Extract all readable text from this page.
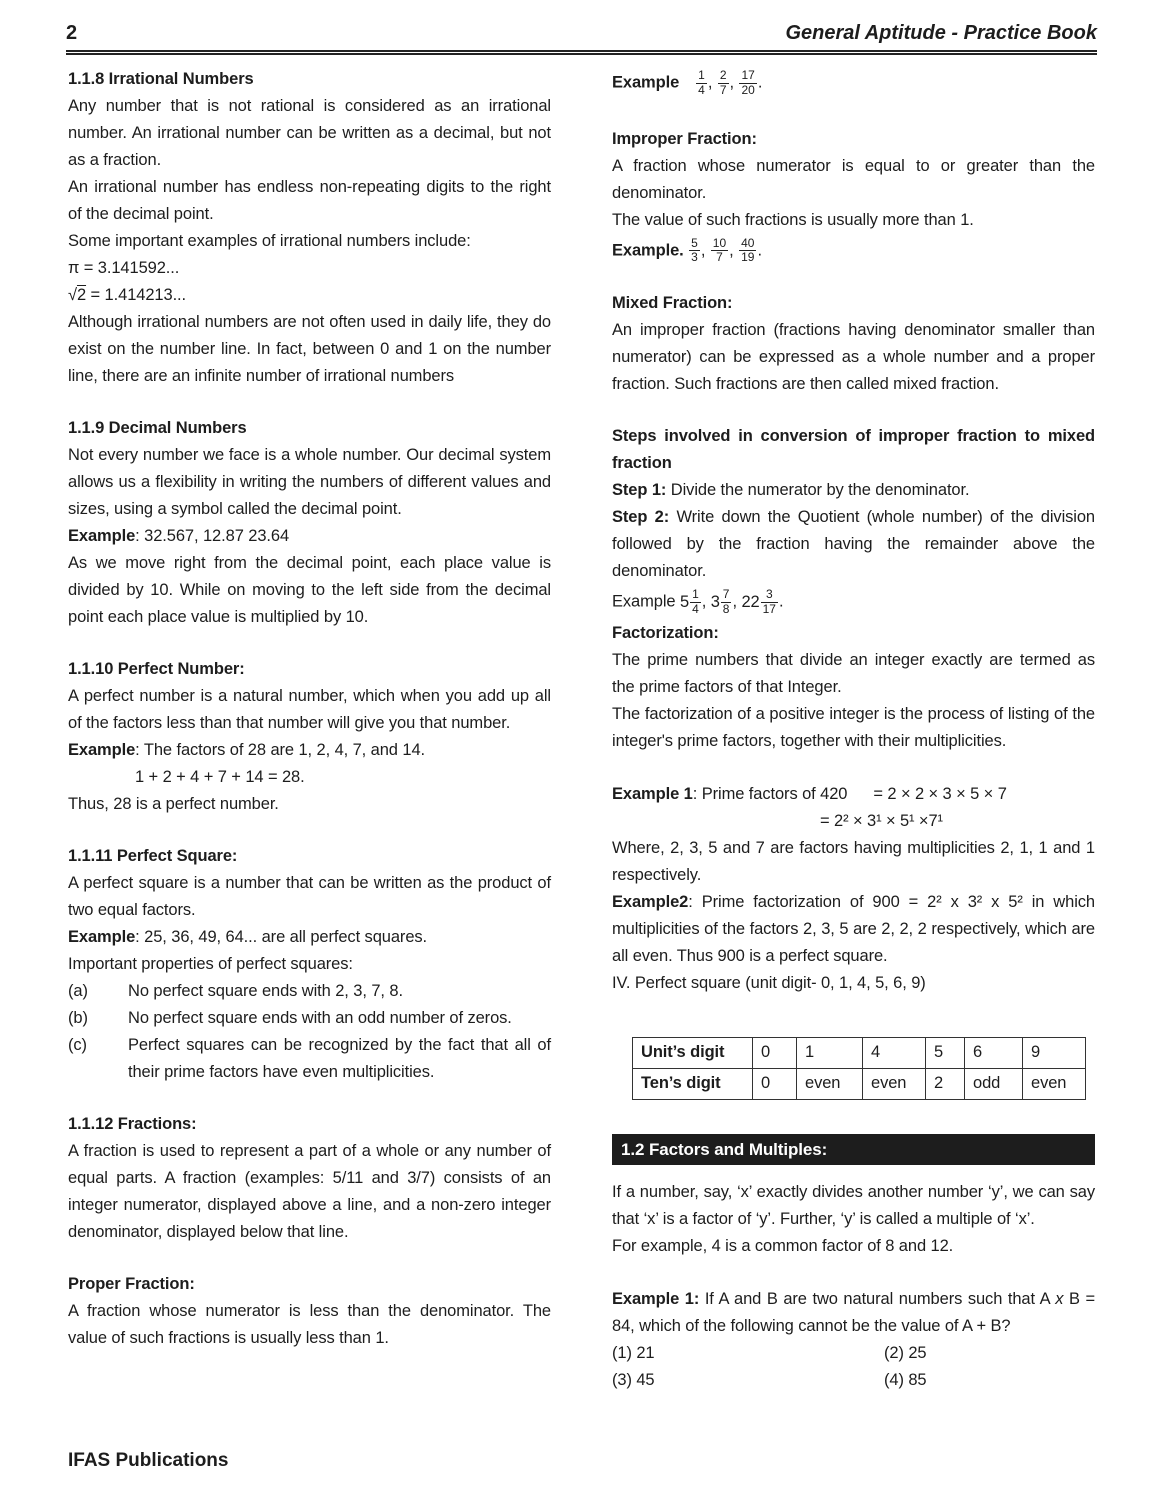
2	General Aptitude - Practice Book
1.1.8 Irrational Numbers

Any number that is not rational is considered as an irrational number. An irrational number can be written as a decimal, but not as a fraction.

An irrational number has endless non-repeating digits to the right of the decimal point.

Some important examples of irrational numbers include:

π = 3.141592...

√2 = 1.414213...

Although irrational numbers are not often used in daily life, they do exist on the number line. In fact, between 0 and 1 on the number line, there are an infinite number of irrational numbers

1.1.9 Decimal Numbers

Not every number we face is a whole number. Our decimal system allows us a flexibility in writing the numbers of different values and sizes, using a symbol called the decimal point.

Example: 32.567, 12.87 23.64

As we move right from the decimal point, each place value is divided by 10. While on moving to the left side from the decimal point each place value is multiplied by 10.

1.1.10 Perfect Number:

A perfect number is a natural number, which when you add up all of the factors less than that number will give you that number.

Example: The factors of 28 are 1, 2, 4, 7, and 14.

1 + 2 + 4 + 7 + 14 = 28.

Thus, 28 is a perfect number.

1.1.11 Perfect Square:

A perfect square is a number that can be written as the product of two equal factors.

Example: 25, 36, 49, 64... are all perfect squares.

Important properties of perfect squares:

(a)	No perfect square ends with 2, 3, 7, 8.
(b)	No perfect square ends with an odd number of zeros.
(c)	Perfect squares can be recognized by the fact that all of their prime factors have even multiplicities.
1.1.12 Fractions:

A fraction is used to represent a part of a whole or any number of equal parts. A fraction (examples: 5/11 and 3/7) consists of an integer numerator, displayed above a line, and a non-zero integer denominator, displayed below that line.

Proper Fraction:

A fraction whose numerator is less than the denominator. The value of such fractions is usually less than 1.

Example $\frac{1}{4}$ , $\frac{2}{7}$ , $\frac{17}{20}$ .

Improper Fraction:

A fraction whose numerator is equal to or greater than the denominator.

The value of such fractions is usually more than 1.

Example. $\frac{5}{3}$ , $\frac{10}{7}$ , $\frac{40}{19}$ .

Mixed Fraction:

An improper fraction (fractions having denominator smaller than numerator) can be expressed as a whole number and a proper fraction. Such fractions are then called mixed fraction.

Steps involved in conversion of improper fraction to mixed fraction

Step 1: Divide the numerator by the denominator.

Step 2: Write down the Quotient (whole number) of the division followed by the fraction having the remainder above the denominator.

Example $5 \frac{1}{4}$ , $3 \frac{7}{8}$ , $22 \frac{3}{17}$ .

Factorization:

The prime numbers that divide an integer exactly are termed as the prime factors of that Integer.

The factorization of a positive integer is the process of listing of the integer's prime factors, together with their multiplicities.

Example 1: Prime factors of 420 = 2 × 2 × 3 × 5 × 7

= 2² × 3¹ × 5¹ ×7¹

Where, 2, 3, 5 and 7 are factors having multiplicities 2, 1, 1 and 1 respectively.

Example2: Prime factorization of 900 = 2² x 3² x 5² in which multiplicities of the factors 2, 3, 5 are 2, 2, 2 respectively, which are all even. Thus 900 is a perfect square.

IV. Perfect square (unit digit- 0, 1, 4, 5, 6, 9)

Unit’s digit	0	1	4	5	6	9
Ten’s digit	0	even	even	2	odd	even
1.2 Factors and Multiples:

If a number, say, ‘x’ exactly divides another number ‘y’, we can say that ‘x’ is a factor of ‘y’. Further, ‘y’ is called a multiple of ‘x’.

For example, 4 is a common factor of 8 and 12.

Example 1: If A and B are two natural numbers such that A x B = 84, which of the following cannot be the value of A + B?

(1) 21	(2) 25
(3) 45	(4) 85
IFAS Publications
